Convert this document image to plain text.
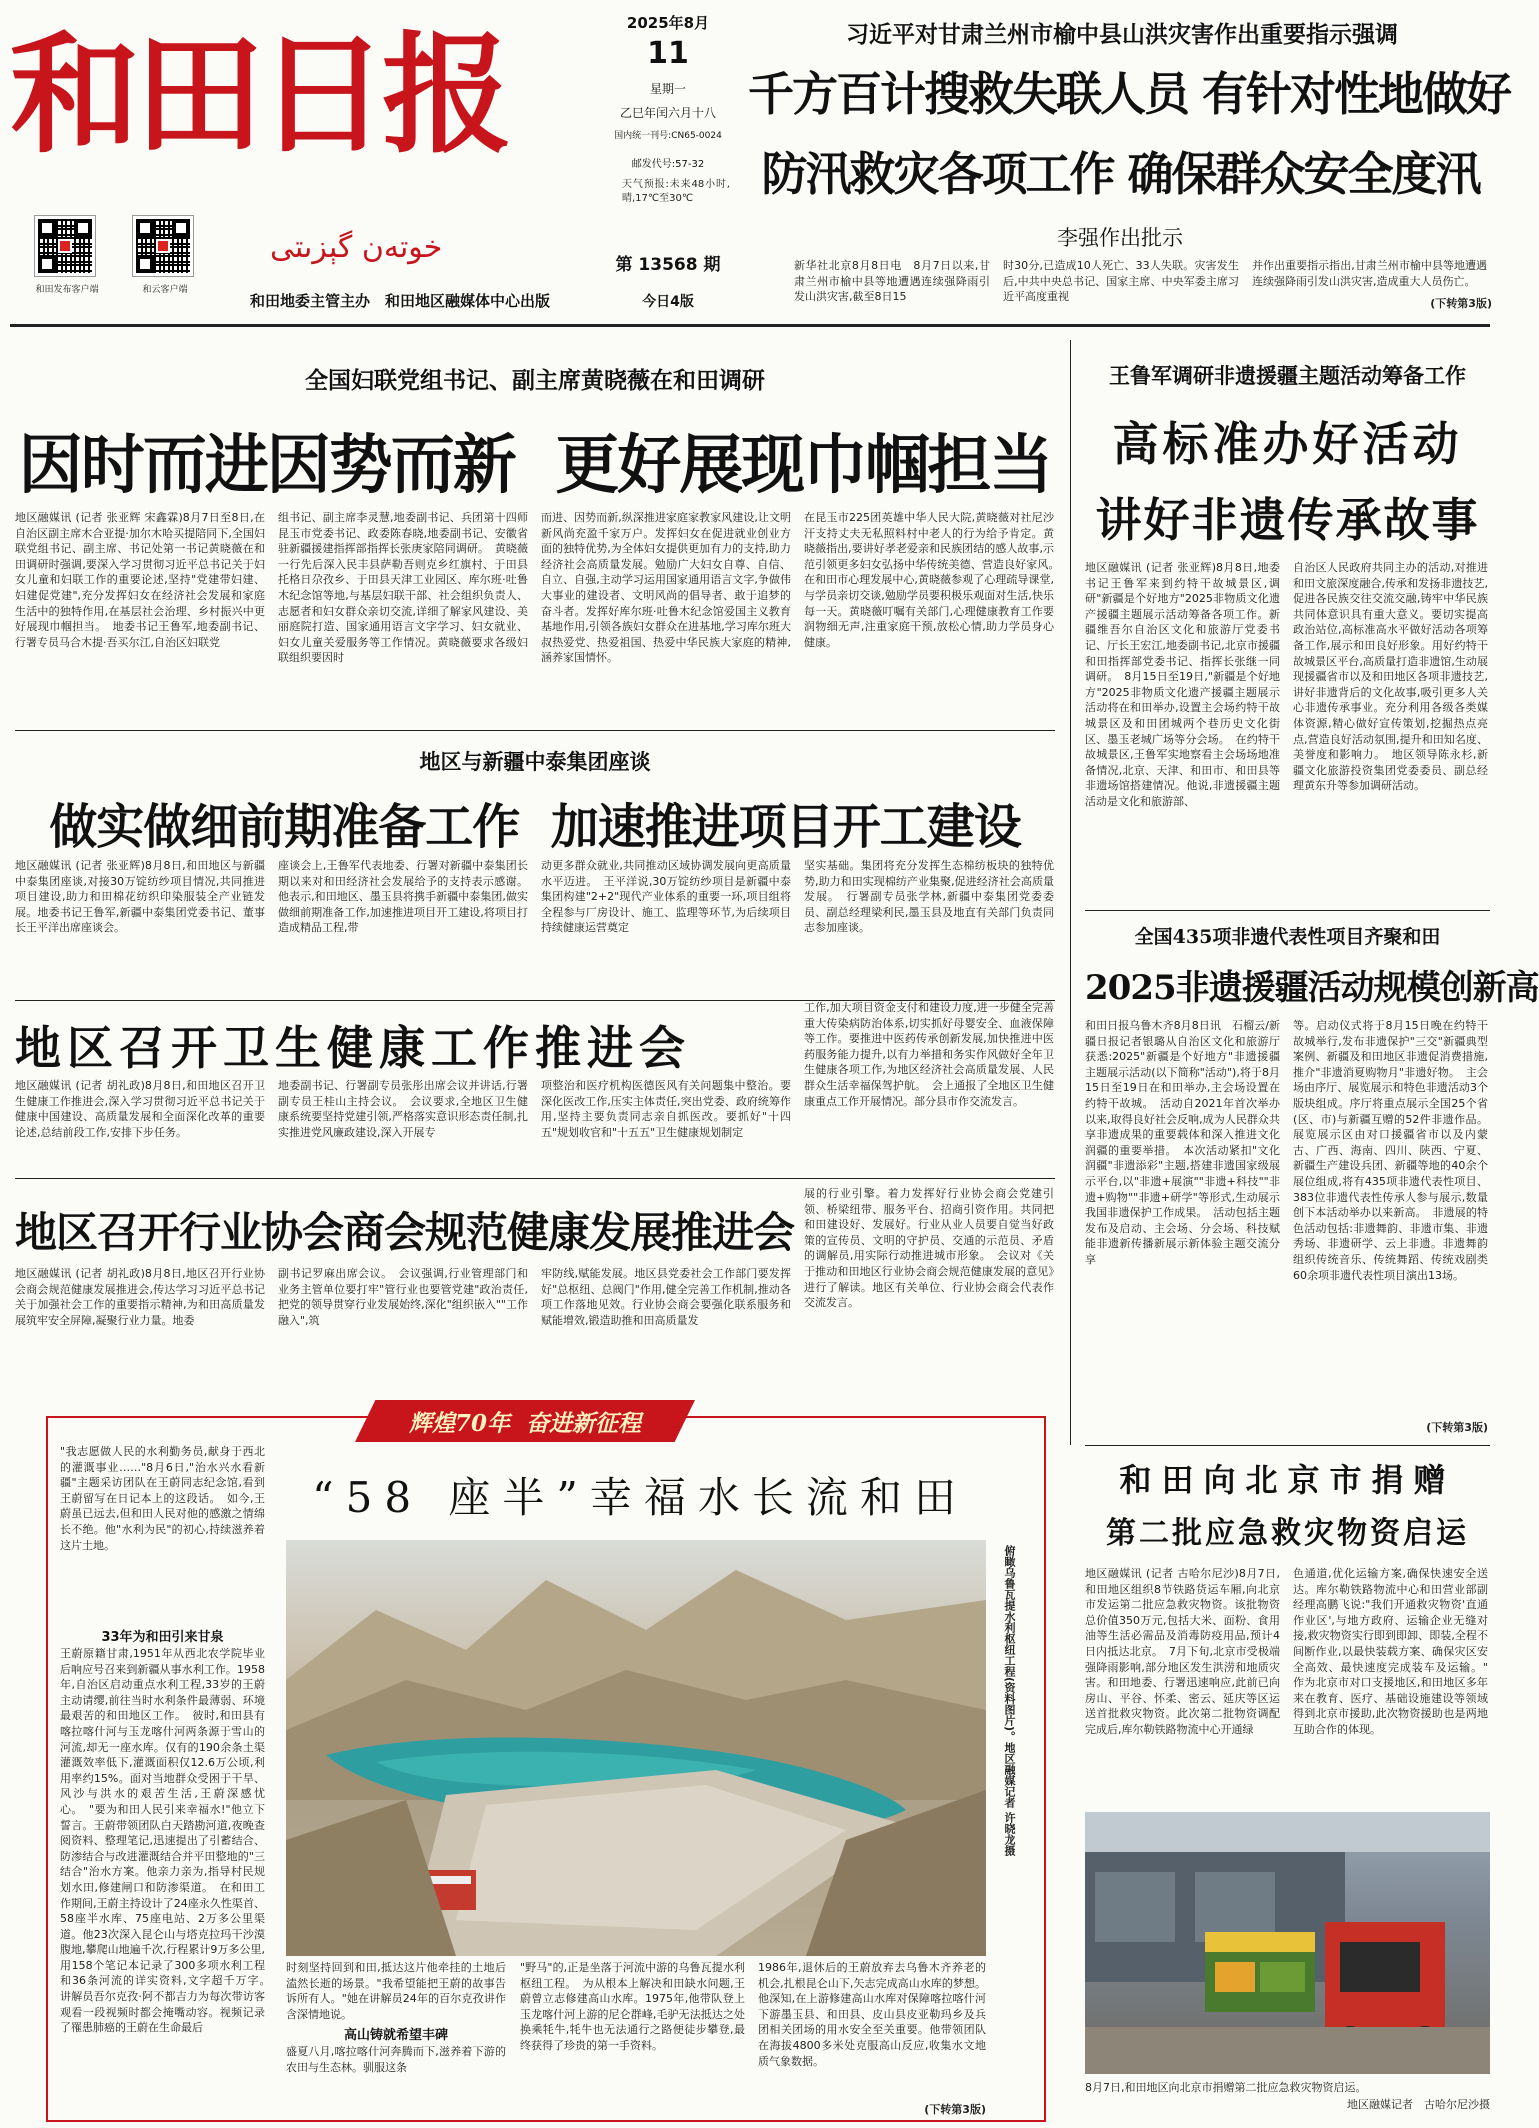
和田日报
和田发布客户端	和云客户端
خوتەن گېزىتى
和田地委主管主办　和田地区融媒体中心出版
2025年8月
11
星期一
乙巳年闰六月十八
国内统一刊号:CN65-0024
邮发代号:57-32
天气预报:未来48小时,晴,17℃至30℃
第 13568 期
今日4版
习近平对甘肃兰州市榆中县山洪灾害作出重要指示强调
千方百计搜救失联人员 有针对性地做好
防汛救灾各项工作 确保群众安全度汛
李强作出批示
新华社北京8月8日电　8月7日以来,甘肃兰州市榆中县等地遭遇连续强降雨引发山洪灾害,截至8日15
时30分,已造成10人死亡、33人失联。灾害发生后,中共中央总书记、国家主席、中央军委主席习近平高度重视
并作出重要指示指出,甘肃兰州市榆中县等地遭遇连续强降雨引发山洪灾害,造成重大人员伤亡。
(下转第3版)
全国妇联党组书记、副主席黄晓薇在和田调研
因时而进因势而新  更好展现巾帼担当
地区融媒讯 (记者 张亚辉 宋鑫霖)8月7日至8日,在自治区副主席木合亚提·加尔木哈买提陪同下,全国妇联党组书记、副主席、书记处第一书记黄晓薇在和田调研时强调,要深入学习贯彻习近平总书记关于妇女儿童和妇联工作的重要论述,坚持"党建带妇建、妇建促党建",充分发挥妇女在经济社会发展和家庭生活中的独特作用,在基层社会治理、乡村振兴中更好展现巾帼担当。　地委书记王鲁军,地委副书记、行署专员马合木提·吾买尔江,自治区妇联党
组书记、副主席李灵慧,地委副书记、兵团第十四师昆玉市党委书记、政委陈春晓,地委副书记、安徽省驻新疆援建指挥部指挥长张庚家陪同调研。　黄晓薇一行先后深入民丰县萨勒吾则克乡红旗村、于田县托格日尕孜乡、于田县天津工业园区、库尔班·吐鲁木纪念馆等地,与基层妇联干部、社会组织负责人、志愿者和妇女群众亲切交流,详细了解家风建设、美丽庭院打造、国家通用语言文字学习、妇女就业、妇女儿童关爱服务等工作情况。黄晓薇要求各级妇联组织要因时
而进、因势而新,纵深推进家庭家教家风建设,让文明新风尚充盈千家万户。发挥妇女在促进就业创业方面的独特优势,为全体妇女提供更加有力的支持,助力经济社会高质量发展。勉励广大妇女自尊、自信、自立、自强,主动学习运用国家通用语言文字,争做伟大事业的建设者、文明风尚的倡导者、敢于追梦的奋斗者。发挥好库尔班·吐鲁木纪念馆爱国主义教育基地作用,引领各族妇女群众在进基地,学习库尔班大叔热爱党、热爱祖国、热爱中华民族大家庭的精神,涵养家国情怀。
在昆玉市225团英雄中华人民大院,黄晓薇对社尼沙汗支持丈夫无私照料村中老人的行为给予肯定。黄晓薇指出,要讲好孝老爱亲和民族团结的感人故事,示范引领更多妇女弘扬中华传统美德、营造良好家风。　在和田市心理发展中心,黄晓薇参观了心理疏导课堂,与学员亲切交谈,勉励学员要积极乐观面对生活,快乐每一天。黄晓薇叮嘱有关部门,心理健康教育工作要润物细无声,注重家庭干预,放松心情,助力学员身心健康。
王鲁军调研非遗援疆主题活动筹备工作
高标准办好活动
讲好非遗传承故事
地区融媒讯 (记者 张亚辉)8月8日,地委书记王鲁军来到约特干故城景区,调研"新疆是个好地方"2025非物质文化遗产援疆主题展示活动筹备各项工作。新疆维吾尔自治区文化和旅游厅党委书记、厅长王宏江,地委副书记,北京市援疆和田指挥部党委书记、指挥长张继一同调研。　8月15日至19日,"新疆是个好地方"2025非物质文化遗产援疆主题展示活动将在和田举办,设置主会场约特干故城景区及和田团城两个巷历史文化街区、墨玉老城广场等分会场。　在约特干故城景区,王鲁军实地察看主会场场地准备情况,北京、天津、和田市、和田县等非遗场馆搭建情况。他说,非遗援疆主题活动是文化和旅游部、
自治区人民政府共同主办的活动,对推进和田文旅深度融合,传承和发扬非遗技艺,促进各民族交往交流交融,铸牢中华民族共同体意识具有重大意义。要切实提高政治站位,高标准高水平做好活动各项筹备工作,展示和田良好形象。用好约特干故城景区平台,高质量打造非遗馆,生动展现援疆省市以及和田地区各项非遗技艺,讲好非遗背后的文化故事,吸引更多人关心非遗传承事业。充分利用各级各类媒体资源,精心做好宣传策划,挖掘热点亮点,营造良好活动氛围,提升和田知名度、美誉度和影响力。　地区领导陈永杉,新疆文化旅游投资集团党委委员、副总经理黄东升等参加调研活动。
地区与新疆中泰集团座谈
做实做细前期准备工作  加速推进项目开工建设
地区融媒讯 (记者 张亚辉)8月8日,和田地区与新疆中泰集团座谈,对接30万锭纺纱项目情况,共同推进项目建设,助力和田棉花纺织印染服装全产业链发展。地委书记王鲁军,新疆中泰集团党委书记、董事长王平洋出席座谈会。
座谈会上,王鲁军代表地委、行署对新疆中泰集团长期以来对和田经济社会发展给予的支持表示感谢。他表示,和田地区、墨玉县将携手新疆中泰集团,做实做细前期准备工作,加速推进项目开工建设,将项目打造成精品工程,带
动更多群众就业,共同推动区域协调发展向更高质量水平迈进。　王平洋说,30万锭纺纱项目是新疆中泰集团构建"2+2"现代产业体系的重要一环,项目组将全程参与厂房设计、施工、监理等环节,为后续项目持续健康运营奠定
坚实基础。集团将充分发挥生态棉纺板块的独特优势,助力和田实现棉纺产业集聚,促进经济社会高质量发展。　行署副专员张学林,新疆中泰集团党委委员、副总经理梁利民,墨玉县及地直有关部门负责同志参加座谈。
地区召开卫生健康工作推进会
工作,加大项目资金支付和建设力度,进一步健全完善重大传染病防治体系,切实抓好母婴安全、血液保障等工作。要推进中医药传承创新发展,加快推进中医药服务能力提升,以有力举措和务实作风做好全年卫生健康各项工作,为地区经济社会高质量发展、人民群众生活幸福保驾护航。　会上通报了全地区卫生健康重点工作开展情况。部分县市作交流发言。
地区融媒讯 (记者 胡礼政)8月8日,和田地区召开卫生健康工作推进会,深入学习贯彻习近平总书记关于健康中国建设、高质量发展和全面深化改革的重要论述,总结前段工作,安排下步任务。
地委副书记、行署副专员张彤出席会议并讲话,行署副专员王桂山主持会议。　会议要求,全地区卫生健康系统要坚持党建引领,严格落实意识形态责任制,扎实推进党风廉政建设,深入开展专
项整治和医疗机构医德医风有关问题集中整治。要深化医改工作,压实主体责任,突出党委、政府统筹作用,坚持主要负责同志亲自抓医改。要抓好"十四五"规划收官和"十五五"卫生健康规划制定
地区召开行业协会商会规范健康发展推进会
展的行业引擎。着力发挥好行业协会商会党建引领、桥梁纽带、服务平台、招商引资作用。共同把和田建设好、发展好。行业从业人员要自觉当好政策的宣传员、文明的守护员、交通的示范员、矛盾的调解员,用实际行动推进城市形象。　会议对《关于推动和田地区行业协会商会规范健康发展的意见》进行了解读。地区有关单位、行业协会商会代表作交流发言。
地区融媒讯 (记者 胡礼政)8月8日,地区召开行业协会商会规范健康发展推进会,传达学习习近平总书记关于加强社会工作的重要指示精神,为和田高质量发展筑牢安全屏障,凝聚行业力量。地委
副书记罗麻出席会议。　会议强调,行业管理部门和业务主管单位要打牢"管行业也要管党建"政治责任,把党的领导贯穿行业发展始终,深化"组织嵌入""工作融入",筑
牢防线,赋能发展。地区县党委社会工作部门要发挥好"总枢纽、总阀门"作用,健全完善工作机制,推动各项工作落地见效。行业协会商会要强化联系服务和赋能增效,锻造助推和田高质量发
全国435项非遗代表性项目齐聚和田
2025非遗援疆活动规模创新高
和田日报乌鲁木齐8月8日讯　石榴云/新疆日报记者银璐从自治区文化和旅游厅获悉:2025"新疆是个好地方"非遗援疆主题展示活动(以下简称"活动"),将于8月15日至19日在和田举办,主会场设置在约特干故城。　活动自2021年首次举办以来,取得良好社会反响,成为人民群众共享非遗成果的重要载体和深入推进文化润疆的重要举措。　本次活动紧扣"文化润疆"非遗添彩"主题,搭建非遗国家级展示平台,以"非遗+展演""非遗+科技""非遗+购物""非遗+研学"等形式,生动展示我国非遗保护工作成果。　活动包括主题发布及启动、主会场、分会场、科技赋能非遗新传播新展示新体验主题交流分享
等。启动仪式将于8月15日晚在约特干故城举行,发布非遗保护"三交"新疆典型案例、新疆及和田地区非遗促消费措施,推介"非遗消夏购物月"非遗好物。　主会场由序厅、展览展示和特色非遗活动3个版块组成。序厅将重点展示全国25个省(区、市)与新疆互赠的52件非遗作品。展览展示区由对口援疆省市以及内蒙古、广西、海南、四川、陕西、宁夏、新疆生产建设兵团、新疆等地的40余个展位组成,将有435项非遗代表性项目、383位非遗代表性传承人参与展示,数量创下本活动举办以来新高。　非遗展的特色活动包括:非遗舞韵、非遗市集、非遗秀场、非遗研学、云上非遗。非遗舞韵组织传统音乐、传统舞蹈、传统戏剧类60余项非遗代表性项目演出13场。
(下转第3版)
辉煌70年  奋进新征程
“58 座半”幸福水长流和田
"我志愿做人民的水利勤务员,献身于西北的灌溉事业……"8月6日,"治水兴水看新疆"主题采访团队在王蔚同志纪念馆,看到王蔚留写在日记本上的这段话。　如今,王蔚虽已远去,但和田人民对他的感激之情绵长不绝。他"水利为民"的初心,持续滋养着这片土地。
33年为和田引来甘泉
王蔚原籍甘肃,1951年从西北农学院毕业后响应号召来到新疆从事水利工作。1958年,自治区启动重点水利工程,33岁的王蔚主动请缨,前往当时水利条件最薄弱、环境最艰苦的和田地区工作。　彼时,和田县有喀拉喀什河与玉龙喀什河两条源于雪山的河流,却无一座水库。仅有的190余条土渠灌溉效率低下,灌溉面积仅12.6万公顷,利用率约15%。面对当地群众受困于干旱、风沙与洪水的艰苦生活,王蔚深感忧心。　"要为和田人民引来幸福水!"他立下誓言。王蔚带领团队白天踏勘河道,夜晚查阅资料、整理笔记,迅速提出了引蓄结合、防渗结合与改进灌溉结合并平田整地的"三结合"治水方案。他亲力亲为,指导村民规划水田,修建闸口和防渗渠道。　在和田工作期间,王蔚主持设计了24座永久性渠首、58座半水库、75座电站、2万多公里渠道。他23次深入昆仑山与塔克拉玛干沙漠腹地,攀爬山地遍千次,行程累计9万多公里,用158个笔记本记录了300多项水利工程和36条河流的详实资料,文字超千万字。　讲解员吾尔克孜·阿不都吉力为每次带访客观看一段视频时都会掩嘴动容。视频记录了罹患肺癌的王蔚在生命最后
俯瞰乌鲁瓦提水利枢纽工程(资料图片)。地区融媒记者 许晓龙摄
时刻坚持回到和田,抵达这片他牵挂的土地后溘然长逝的场景。"我希望能把王蔚的故事告诉所有人。"她在讲解员24年的百尔克孜讲作含深情地说。
高山铸就希望丰碑
盛夏八月,喀拉喀什河奔腾而下,滋养着下游的农田与生态林。驯服这条
"野马"的,正是坐落于河流中游的乌鲁瓦提水利枢纽工程。　为从根本上解决和田缺水问题,王蔚曾立志修建高山水库。1975年,他带队登上玉龙喀什河上游的尼仑群峰,毛驴无法抵达之处换乘牦牛,牦牛也无法通行之路便徒步攀登,最终获得了珍贵的第一手资料。
1986年,退休后的王蔚放弃去乌鲁木齐养老的机会,扎根昆仑山下,矢志完成高山水库的梦想。他深知,在上游修建高山水库对保障喀拉喀什河下游墨玉县、和田县、皮山县皮亚勒玛乡及兵团相关团场的用水安全至关重要。他带领团队在海拔4800多米处克服高山反应,收集水文地质气象数据。
(下转第3版)
和田向北京市捐赠
第二批应急救灾物资启运
地区融媒讯 (记者 古哈尔尼沙)8月7日,和田地区组织8节铁路货运车厢,向北京市发运第二批应急救灾物资。该批物资总价值350万元,包括大米、面粉、食用油等生活必需品及消毒防疫用品,预计4日内抵达北京。　7月下旬,北京市受极端强降雨影响,部分地区发生洪涝和地质灾害。和田地委、行署迅速响应,此前已向房山、平谷、怀柔、密云、延庆等区运送首批救灾物资。此次第二批物资调配完成后,库尔勒铁路物流中心开通绿
色通道,优化运输方案,确保快速安全送达。库尔勒铁路物流中心和田营业部副经理高鹏飞说:"我们开通救灾物资'直通作业区',与地方政府、运输企业无缝对接,救灾物资实行即到即卸、即装,全程不间断作业,以最快装载方案、确保灾区安全高效、最快速度完成装车及运输。"　作为北京市对口支援地区,和田地区多年来在教育、医疗、基础设施建设等领域得到北京市援助,此次物资援助也是两地互助合作的体现。
8月7日,和田地区向北京市捐赠第二批应急救灾物资启运。
地区融媒记者　古哈尔尼沙摄
